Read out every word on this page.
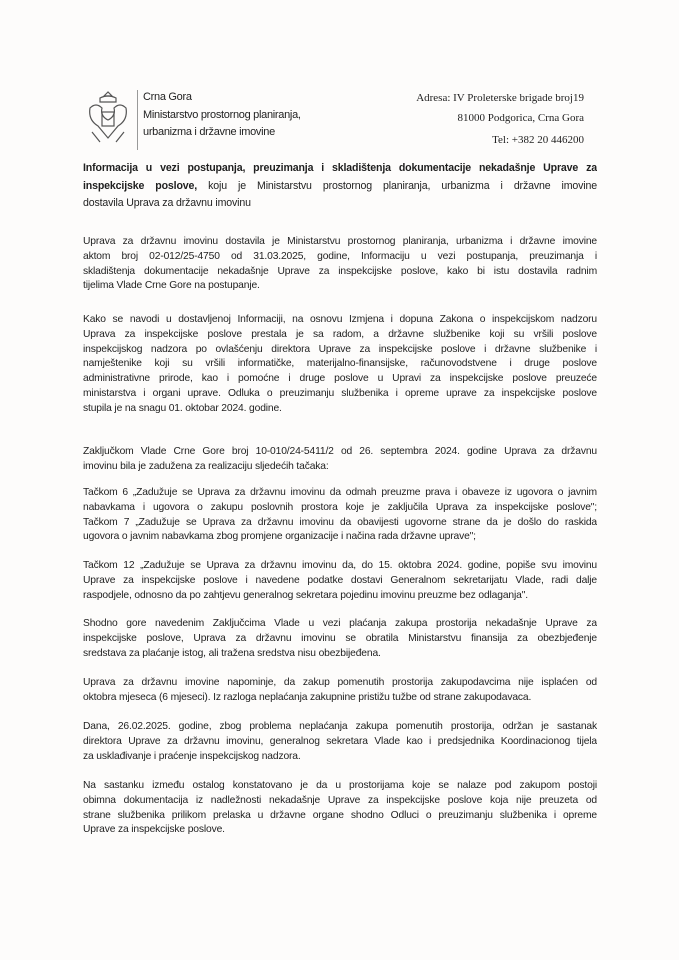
Crna Gora
Ministarstvo prostornog planiranja,
urbanizma i državne imovine
Adresa: IV Proleterske brigade broj19
81000 Podgorica, Crna Gora
Tel: +382 20 446200
Informacija u vezi postupanja, preuzimanja i skladištenja dokumentacije nekadašnje Uprave za
inspekcijske poslove, koju je Ministarstvu prostornog planiranja, urbanizma i državne imovine
dostavila Uprava za državnu imovinu
Uprava za državnu imovinu dostavila je Ministarstvu prostornog planiranja, urbanizma i državne imovine
aktom broj 02-012/25-4750 od 31.03.2025, godine, Informaciju u vezi postupanja, preuzimanja i
skladištenja dokumentacije nekadašnje Uprave za inspekcijske poslove, kako bi istu dostavila radnim
tijelima Vlade Crne Gore na postupanje.
Kako se navodi u dostavljenoj Informaciji, na osnovu Izmjena i dopuna Zakona o inspekcijskom nadzoru
Uprava za inspekcijske poslove prestala je sa radom, a državne službenike koji su vršili poslove
inspekcijskog nadzora po ovlašćenju direktora Uprave za inspekcijske poslove i državne službenike i
namještenike koji su vršili informatičke, materijalno-finansijske, računovodstvene i druge poslove
administrativne prirode, kao i pomoćne i druge poslove u Upravi za inspekcijske poslove preuzeće
ministarstva i organi uprave. Odluka o preuzimanju službenika i opreme uprave za inspekcijske poslove
stupila je na snagu 01. oktobar 2024. godine.
Zaključkom Vlade Crne Gore broj 10-010/24-5411/2 od 26. septembra 2024. godine Uprava za državnu
imovinu bila je zadužena za realizaciju sljedećih tačaka:
Tačkom 6 „Zadužuje se Uprava za državnu imovinu da odmah preuzme prava i obaveze iz ugovora o javnim
nabavkama i ugovora o zakupu poslovnih prostora koje je zaključila Uprava za inspekcijske poslove";
Tačkom 7 „Zadužuje se Uprava za državnu imovinu da obavijesti ugovorne strane da je došlo do raskida
ugovora o javnim nabavkama zbog promjene organizacije i načina rada državne uprave";
Tačkom 12 „Zadužuje se Uprava za državnu imovinu da, do 15. oktobra 2024. godine, popiše svu imovinu
Uprave za inspekcijske poslove i navedene podatke dostavi Generalnom sekretarijatu Vlade, radi dalje
raspodjele, odnosno da po zahtjevu generalnog sekretara pojedinu imovinu preuzme bez odlaganja".
Shodno gore navedenim Zaključcima Vlade u vezi plaćanja zakupa prostorija nekadašnje Uprave za
inspekcijske poslove, Uprava za državnu imovinu se obratila Ministarstvu finansija za obezbjeđenje
sredstava za plaćanje istog, ali tražena sredstva nisu obezbijeđena.
Uprava za državnu imovine napominje, da zakup pomenutih prostorija zakupodavcima nije isplaćen od
oktobra mjeseca (6 mjeseci). Iz razloga neplaćanja zakupnine pristižu tužbe od strane zakupodavaca.
Dana, 26.02.2025. godine, zbog problema neplaćanja zakupa pomenutih prostorija, održan je sastanak
direktora Uprave za državnu imovinu, generalnog sekretara Vlade kao i predsjednika Koordinacionog tijela
za usklađivanje i praćenje inspekcijskog nadzora.
Na sastanku između ostalog konstatovano je da u prostorijama koje se nalaze pod zakupom postoji
obimna dokumentacija iz nadležnosti nekadašnje Uprave za inspekcijske poslove koja nije preuzeta od
strane službenika prilikom prelaska u državne organe shodno Odluci o preuzimanju službenika i opreme
Uprave za inspekcijske poslove.
